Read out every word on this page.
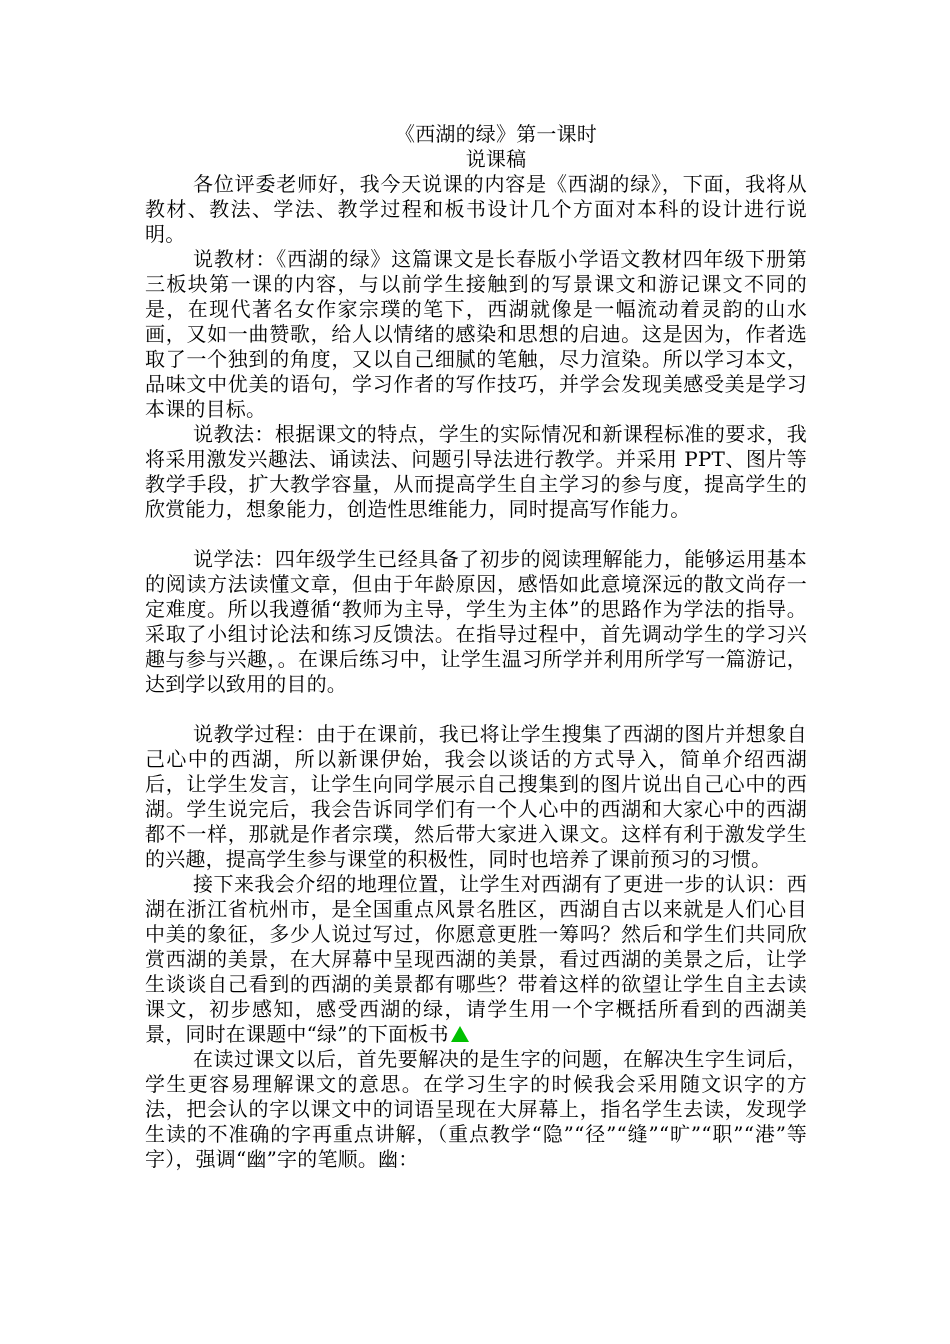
《西湖的绿》第一课时
说课稿

各位评委老师好，我今天说课的内容是《西湖的绿》，下面，我将从教材、教法、学法、教学过程和板书设计几个方面对本科的设计进行说明。

说教材：《西湖的绿》这篇课文是长春版小学语文教材四年级下册第三板块第一课的内容，与以前学生接触到的写景课文和游记课文不同的是，在现代著名女作家宗璞的笔下，西湖就像是一幅流动着灵韵的山水画，又如一曲赞歌，给人以情绪的感染和思想的启迪。这是因为，作者选取了一个独到的角度，又以自己细腻的笔触，尽力渲染。所以学习本文，品味文中优美的语句，学习作者的写作技巧，并学会发现美感受美是学习本课的目标。

说教法：根据课文的特点，学生的实际情况和新课程标准的要求，我将采用激发兴趣法、诵读法、问题引导法进行教学。并采用 PPT、图片等教学手段，扩大教学容量，从而提高学生自主学习的参与度，提高学生的欣赏能力，想象能力，创造性思维能力，同时提高写作能力。

说学法：四年级学生已经具备了初步的阅读理解能力，能够运用基本的阅读方法读懂文章，但由于年龄原因，感悟如此意境深远的散文尚存一定难度。所以我遵循“教师为主导，学生为主体”的思路作为学法的指导。采取了小组讨论法和练习反馈法。在指导过程中，首先调动学生的学习兴趣与参与兴趣，。在课后练习中，让学生温习所学并利用所学写一篇游记，达到学以致用的目的。

说教学过程：由于在课前，我已将让学生搜集了西湖的图片并想象自己心中的西湖，所以新课伊始，我会以谈话的方式导入，简单介绍西湖后，让学生发言，让学生向同学展示自己搜集到的图片说出自己心中的西湖。学生说完后，我会告诉同学们有一个人心中的西湖和大家心中的西湖都不一样，那就是作者宗璞，然后带大家进入课文。这样有利于激发学生的兴趣，提高学生参与课堂的积极性，同时也培养了课前预习的习惯。

接下来我会介绍的地理位置，让学生对西湖有了更进一步的认识：西湖在浙江省杭州市，是全国重点风景名胜区，西湖自古以来就是人们心目中美的象征，多少人说过写过，你愿意更胜一筹吗？然后和学生们共同欣赏西湖的美景，在大屏幕中呈现西湖的美景，看过西湖的美景之后，让学生谈谈自己看到的西湖的美景都有哪些？带着这样的欲望让学生自主去读课文，初步感知，感受西湖的绿，请学生用一个字概括所看到的西湖美景，同时在课题中“绿”的下面板书

在读过课文以后，首先要解决的是生字的问题，在解决生字生词后，学生更容易理解课文的意思。在学习生字的时候我会采用随文识字的方法，把会认的字以课文中的词语呈现在大屏幕上，指名学生去读，发现学生读的不准确的字再重点讲解，（重点教学“隐”“径”“缝”“旷”“职”“港”等字），强调“幽”字的笔顺。幽：
